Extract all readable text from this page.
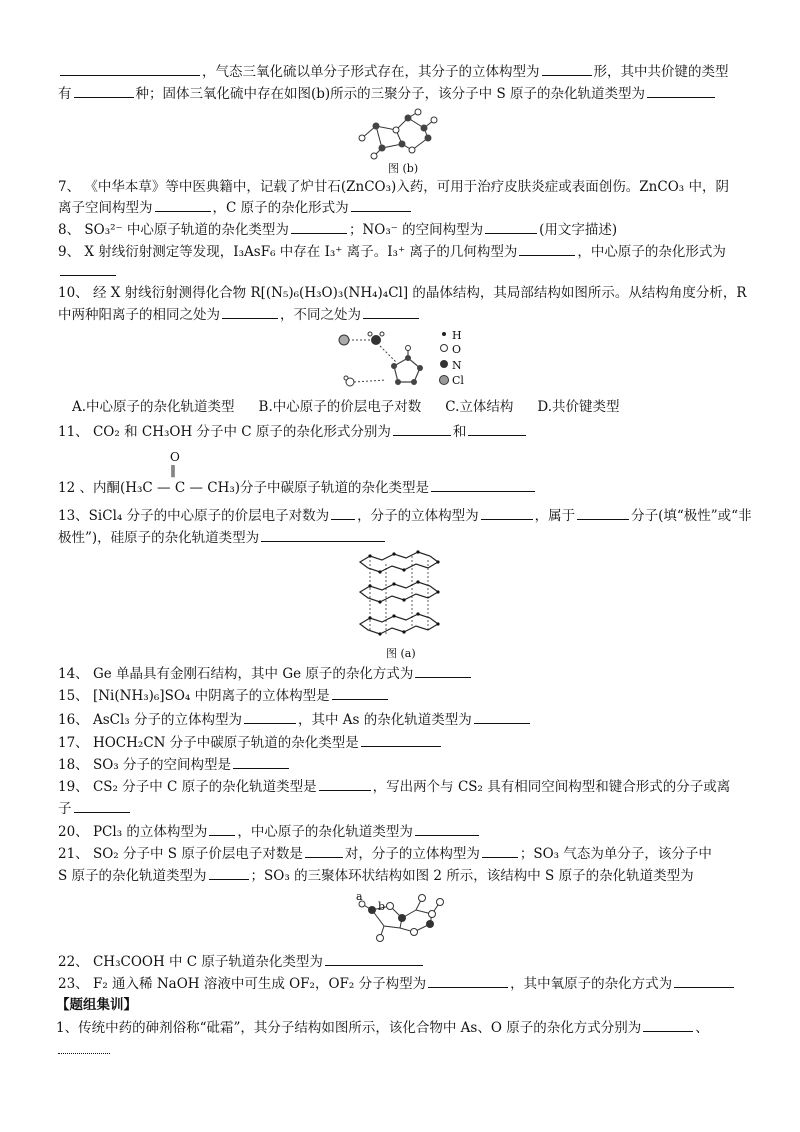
，气态三氧化硫以单分子形式存在，其分子的立体构型为	形，其中共价键的类型
有	种；固体三氧化硫中存在如图(b)所示的三聚分子，该分子中 S 原子的杂化轨道类型为
图 (b)
7、 《中华本草》等中医典籍中，记载了炉甘石(ZnCO₃)入药，可用于治疗皮肤炎症或表面创伤。ZnCO₃ 中，阴
离子空间构型为	，C 原子的杂化形式为
8、 SO₃²⁻ 中心原子轨道的杂化类型为	；NO₃⁻ 的空间构型为	(用文字描述)
9、 X 射线衍射测定等发现，I₃AsF₆ 中存在 I₃⁺ 离子。I₃⁺ 离子的几何构型为	，中心原子的杂化形式为
10、 经 X 射线衍射测得化合物 R[(N₅)₆(H₃O)₃(NH₄)₄Cl] 的晶体结构，其局部结构如图所示。从结构角度分析，R
中两种阳离子的相同之处为	，不同之处为
H
O
N
Cl
A.中心原子的杂化轨道类型 B.中心原子的价层电子对数 C.立体结构 D.共价键类型
11、 CO₂ 和 CH₃OH 分子中 C 原子的杂化形式分别为	和
O
‖
12 、内酮(H₃C — C — CH₃)分子中碳原子轨道的杂化类型是
13、SiCl₄ 分子的中心原子的价层电子对数为 ，分子的立体构型为	，属于	分子(填“极性”或“非
极性”)，硅原子的杂化轨道类型为
图 (a)
14、 Ge 单晶具有金刚石结构，其中 Ge 原子的杂化方式为
15、 [Ni(NH₃)₆]SO₄ 中阴离子的立体构型是
16、 AsCl₃ 分子的立体构型为	，其中 As 的杂化轨道类型为
17、 HOCH₂CN 分子中碳原子轨道的杂化类型是
18、 SO₃ 分子的空间构型是
19、 CS₂ 分子中 C 原子的杂化轨道类型是	，写出两个与 CS₂ 具有相同空间构型和键合形式的分子或离
子
20、 PCl₃ 的立体构型为 ，中心原子的杂化轨道类型为
21、 SO₂ 分子中 S 原子价层电子对数是	对，分子的立体构型为	；SO₃ 气态为单分子，该分子中
S 原子的杂化轨道类型为	；SO₃ 的三聚体环状结构如图 2 所示，该结构中 S 原子的杂化轨道类型为
a
b
22、 CH₃COOH 中 C 原子轨道杂化类型为
23、 F₂ 通入稀 NaOH 溶液中可生成 OF₂，OF₂ 分子构型为	，其中氧原子的杂化方式为
【题组集训】
1、传统中药的砷剂俗称“砒霜”，其分子结构如图所示，该化合物中 As、O 原子的杂化方式分别为	、
